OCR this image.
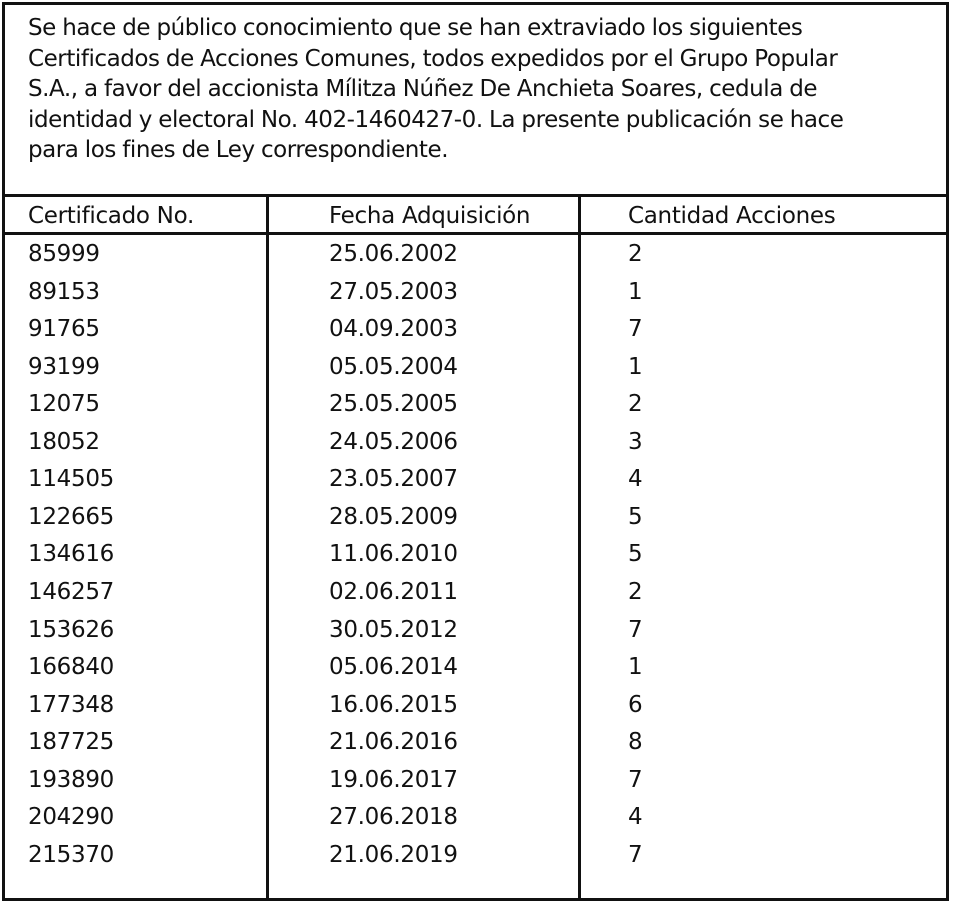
Se hace de público conocimiento que se han extraviado los siguientes

Certificados de Acciones Comunes, todos expedidos por el Grupo Popular

S.A., a favor del accionista Mílitza Núñez De Anchieta Soares, cedula de

identidad y electoral No. 402-1460427-0. La presente publicación se hace

para los fines de Ley correspondiente.

Certificado No.	Fecha Adquisición	Cantidad Acciones
85999	25.06.2002	2
89153	27.05.2003	1
91765	04.09.2003	7
93199	05.05.2004	1
12075	25.05.2005	2
18052	24.05.2006	3
114505	23.05.2007	4
122665	28.05.2009	5
134616	11.06.2010	5
146257	02.06.2011	2
153626	30.05.2012	7
166840	05.06.2014	1
177348	16.06.2015	6
187725	21.06.2016	8
193890	19.06.2017	7
204290	27.06.2018	4
215370	21.06.2019	7
